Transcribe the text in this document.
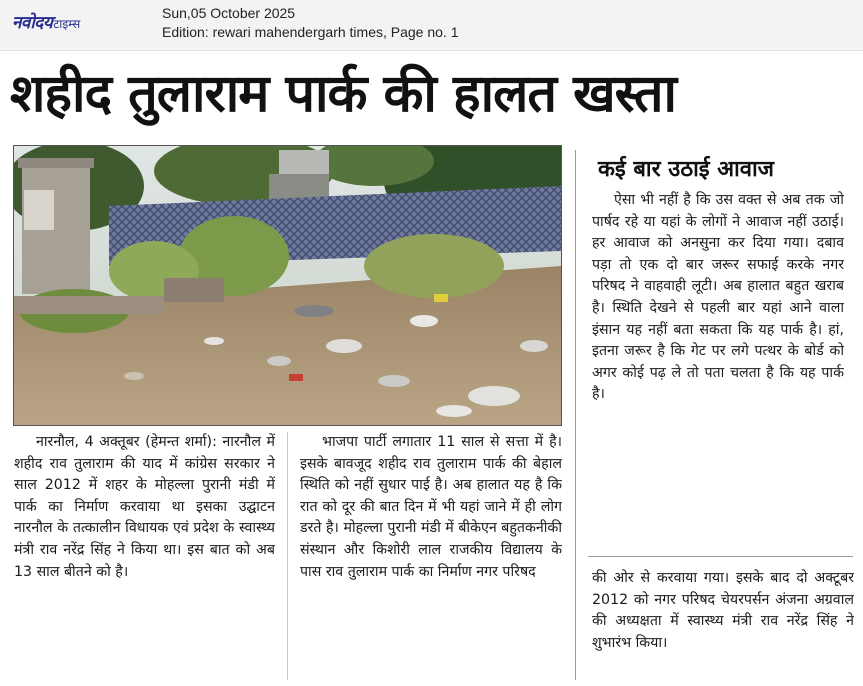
नवोदय टाइम्स
Sun,05 October 2025
Edition: rewari mahendergarh times, Page no. 1
शहीद तुलाराम पार्क की हालत खस्ता
नारनौल, 4 अक्तूबर (हेमन्त शर्मा): नारनौल में शहीद राव तुलाराम की याद में कांग्रेस सरकार ने साल 2012 में शहर के मोहल्ला पुरानी मंडी में पार्क का निर्माण करवाया था इसका उद्घाटन नारनौल के तत्कालीन विधायक एवं प्रदेश के स्वास्थ्य मंत्री राव नरेंद्र सिंह ने किया था। इस बात को अब 13 साल बीतने को है।
भाजपा पार्टी लगातार 11 साल से सत्ता में है। इसके बावजूद शहीद राव तुलाराम पार्क की बेहाल स्थिति को नहीं सुधार पाई है। अब हालात यह है कि रात को दूर की बात दिन में भी यहां जाने में ही लोग डरते है। मोहल्ला पुरानी मंडी में बीकेएन बहुतकनीकी संस्थान और किशोरी लाल राजकीय विद्यालय के पास राव तुलाराम पार्क का निर्माण नगर परिषद
कई बार उठाई आवाज
ऐसा भी नहीं है कि उस वक्त से अब तक जो पार्षद रहे या यहां के लोगों ने आवाज नहीं उठाई। हर आवाज को अनसुना कर दिया गया। दबाव पड़ा तो एक दो बार जरूर सफाई करके नगर परिषद ने वाहवाही लूटी। अब हालात बहुत खराब है। स्थिति देखने से पहली बार यहां आने वाला इंसान यह नहीं बता सकता कि यह पार्क है। हां, इतना जरूर है कि गेट पर लगे पत्थर के बोर्ड को अगर कोई पढ़ ले तो पता चलता है कि यह पार्क है।
की ओर से करवाया गया। इसके बाद दो अक्टूबर 2012 को नगर परिषद चेयरपर्सन अंजना अग्रवाल की अध्यक्षता में स्वास्थ्य मंत्री राव नरेंद्र सिंह ने शुभारंभ किया।
